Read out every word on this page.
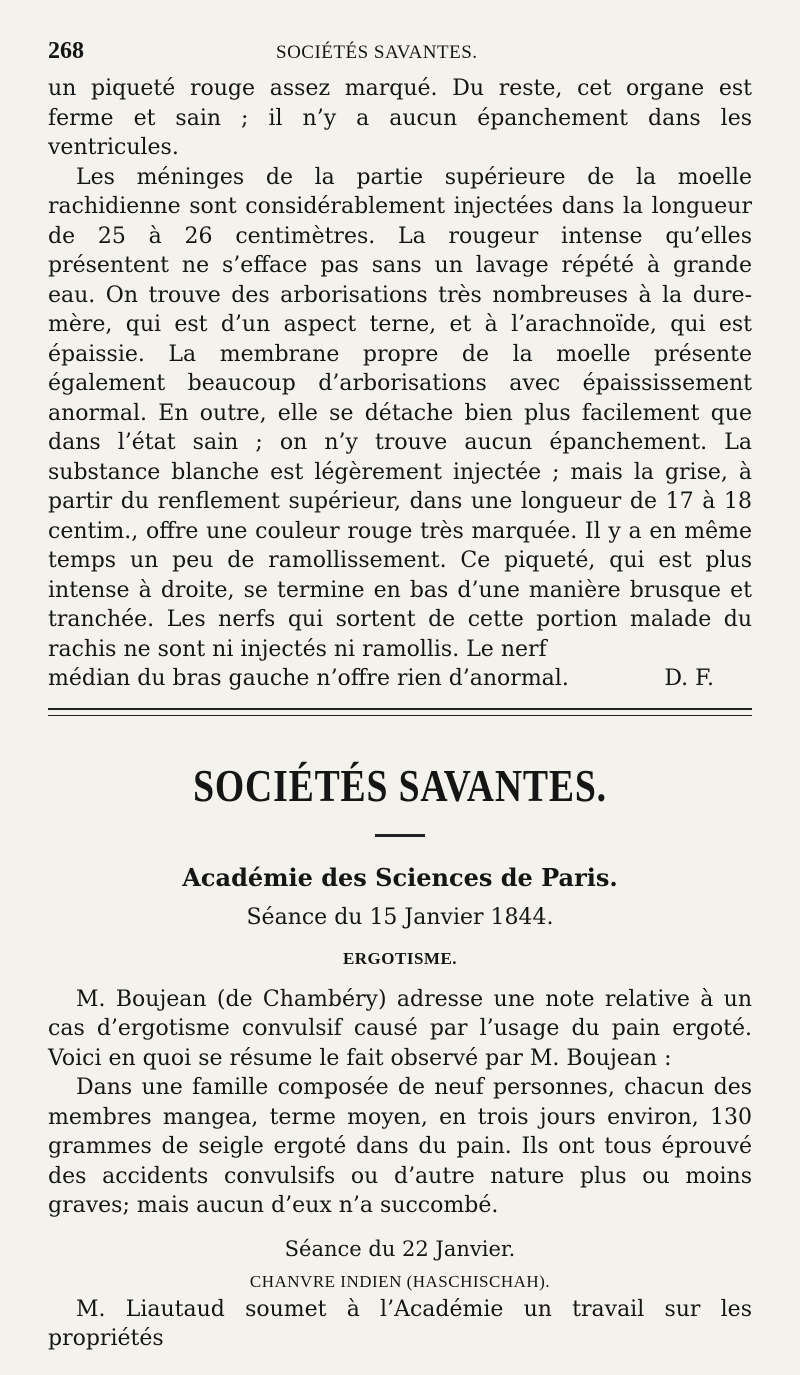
268	SOCIÉTÉS SAVANTES.

un piqueté rouge assez marqué. Du reste, cet organe est ferme et sain ; il n’y a aucun épanchement dans les ventricules.

Les méninges de la partie supérieure de la moelle rachidienne sont considérablement injectées dans la longueur de 25 à 26 centimètres. La rougeur intense qu’elles présentent ne s’efface pas sans un lavage répété à grande eau. On trouve des arborisations très nombreuses à la dure-mère, qui est d’un aspect terne, et à l’arachnoïde, qui est épaissie. La membrane propre de la moelle présente également beaucoup d’arborisations avec épaississement anormal. En outre, elle se détache bien plus facilement que dans l’état sain ; on n’y trouve aucun épanchement. La substance blanche est légèrement injectée ; mais la grise, à partir du renflement supérieur, dans une longueur de 17 à 18 centim., offre une couleur rouge très marquée. Il y a en même temps un peu de ramollissement. Ce piqueté, qui est plus intense à droite, se termine en bas d’une manière brusque et tranchée. Les nerfs qui sortent de cette portion malade du rachis ne sont ni injectés ni ramollis. Le nerf

médian du bras gauche n’offre rien d’anormal.	D. F.

SOCIÉTÉS SAVANTES.
Académie des Sciences de Paris.
Séance du 15 Janvier 1844.
ERGOTISME.

M. Boujean (de Chambéry) adresse une note relative à un cas d’ergotisme convulsif causé par l’usage du pain ergoté. Voici en quoi se résume le fait observé par M. Boujean :

Dans une famille composée de neuf personnes, chacun des membres mangea, terme moyen, en trois jours environ, 130 grammes de seigle ergoté dans du pain. Ils ont tous éprouvé des accidents convulsifs ou d’autre nature plus ou moins graves; mais aucun d’eux n’a succombé.

Séance du 22 Janvier.
CHANVRE INDIEN (HASCHISCHAH).

M. Liautaud soumet à l’Académie un travail sur les propriétés
